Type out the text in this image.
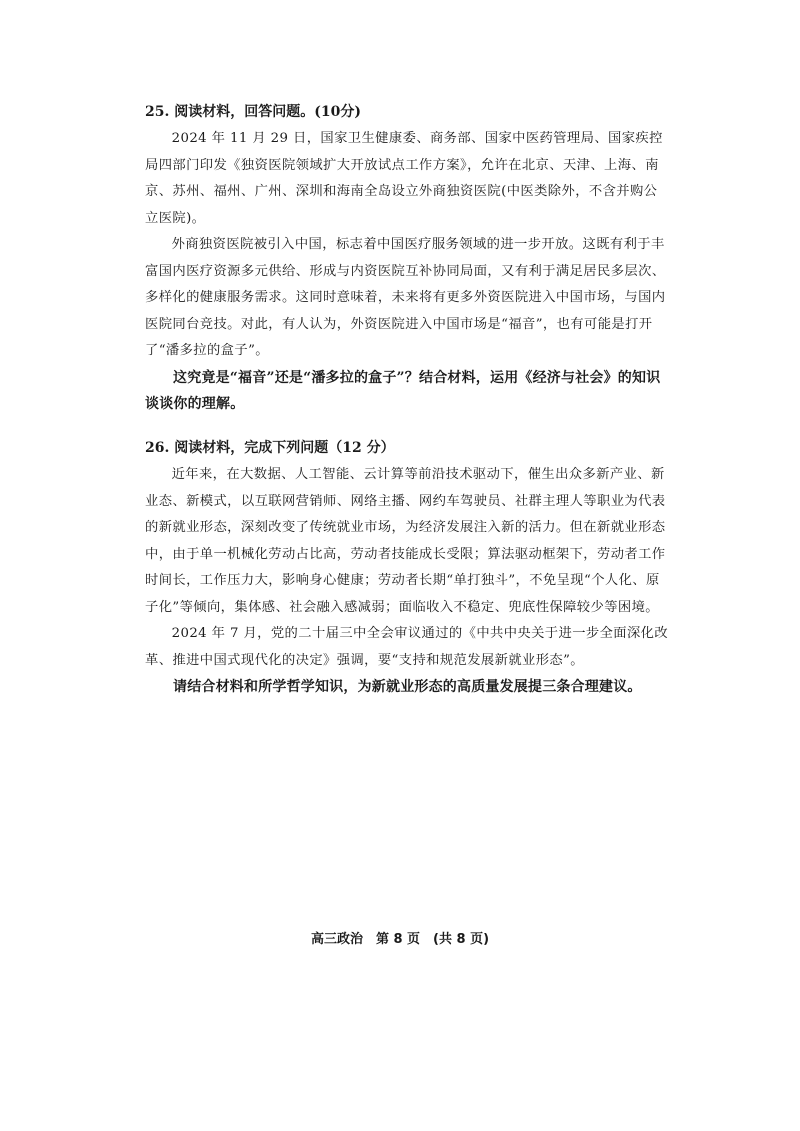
25. 阅读材料，回答问题。(10分)

2024 年 11 月 29 日，国家卫生健康委、商务部、国家中医药管理局、国家疾控局四部门印发《独资医院领域扩大开放试点工作方案》，允许在北京、天津、上海、南京、苏州、福州、广州、深圳和海南全岛设立外商独资医院(中医类除外，不含并购公立医院)。

外商独资医院被引入中国，标志着中国医疗服务领域的进一步开放。这既有利于丰富国内医疗资源多元供给、形成与内资医院互补协同局面，又有利于满足居民多层次、多样化的健康服务需求。这同时意味着，未来将有更多外资医院进入中国市场，与国内医院同台竞技。对此，有人认为，外资医院进入中国市场是“福音”，也有可能是打开了“潘多拉的盒子”。

这究竟是“福音”还是“潘多拉的盒子”？结合材料，运用《经济与社会》的知识谈谈你的理解。

26. 阅读材料，完成下列问题（12 分）

近年来，在大数据、人工智能、云计算等前沿技术驱动下，催生出众多新产业、新业态、新模式，以互联网营销师、网络主播、网约车驾驶员、社群主理人等职业为代表的新就业形态，深刻改变了传统就业市场，为经济发展注入新的活力。但在新就业形态中，由于单一机械化劳动占比高，劳动者技能成长受限；算法驱动框架下，劳动者工作时间长，工作压力大，影响身心健康；劳动者长期“单打独斗”，不免呈现“个人化、原子化”等倾向，集体感、社会融入感减弱；面临收入不稳定、兜底性保障较少等困境。

2024 年 7 月，党的二十届三中全会审议通过的《中共中央关于进一步全面深化改革、推进中国式现代化的决定》强调，要“支持和规范发展新就业形态”。

请结合材料和所学哲学知识，为新就业形态的高质量发展提三条合理建议。

高三政治　第 8 页　(共 8 页)
